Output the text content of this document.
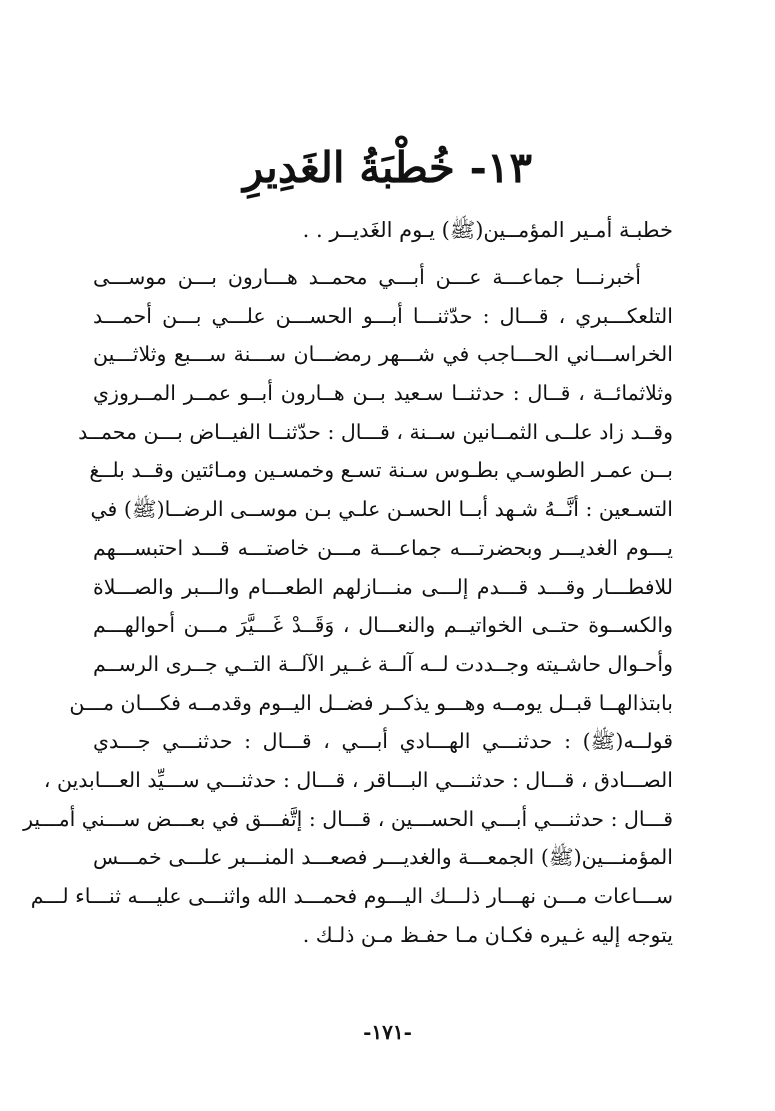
١٣- خُطْبَةُ الغَدِيرِ

خطبـة أمـير المؤمــين(ﷺ) يـوم الغَديــر . .

أخبرنـــا جماعـــة عـــن أبـــي محمــد هـــارون بـــن موســـى
التلعكـــبري ، قـــال : حدّثنـــا أبـــو الحســـن علـــي بـــن أحمـــد
الخراســـاني الحـــاجب في شـــهر رمضـــان ســـنة ســـبع وثلاثـــين
وثلاثمائــة ، قــال : حدثنــا سـعيد بــن هــارون أبــو عمــر المــروزي
وقــد زاد علــى الثمــانين ســنة ، قـــال : حدّثنــا الفيــاض بـــن محمــد
بــن عمـر الطوسـي بطـوس سـنة تسـع وخمسـين ومـائتين وقــد بلــغ
التسـعين : أنَّــهُ شـهد أبــا الحسـن علـي بـن موســى الرضــا(ﷺ) في
يـــوم الغديـــر وبحضرتـــه جماعـــة مـــن خاصتـــه قـــد احتبســـهم
للافطـــار وقـــد قـــدم إلـــى منـــازلهم الطعـــام والـــبر والصـــلاة
والكســوة حتــى الخواتيــم والنعـــال ، وَقَــدْ غَـــيَّرَ مـــن أحوالهـــم
وأحـوال حاشـيته وجــددت لــه آلــة غــير الآلــة التــي جــرى الرســم
بابتذالهــا قبــل يومــه وهـــو يذكــر فضــل اليــوم وقدمــه فكـــان مـــن
قولــه(ﷺ) : حدثنـــي الهـــادي أبـــي ، قـــال : حدثنـــي جـــدي
الصـــادق ، قـــال : حدثنـــي البـــاقر ، قـــال : حدثنـــي ســـيِّد العـــابدين ،
قـــال : حدثنـــي أبـــي الحســـين ، قـــال : إتَّفـــق في بعـــض ســـني أمـــير
المؤمنـــين(ﷺ) الجمعـــة والغديـــر فصعـــد المنـــبر علـــى خمـــس
ســـاعات مـــن نهـــار ذلـــك اليـــوم فحمـــد الله واثنـــى عليـــه ثنـــاء لـــم
يتوجه إليه غـيره فكـان مـا حفـظ مـن ذلـك .

-١٧١-
